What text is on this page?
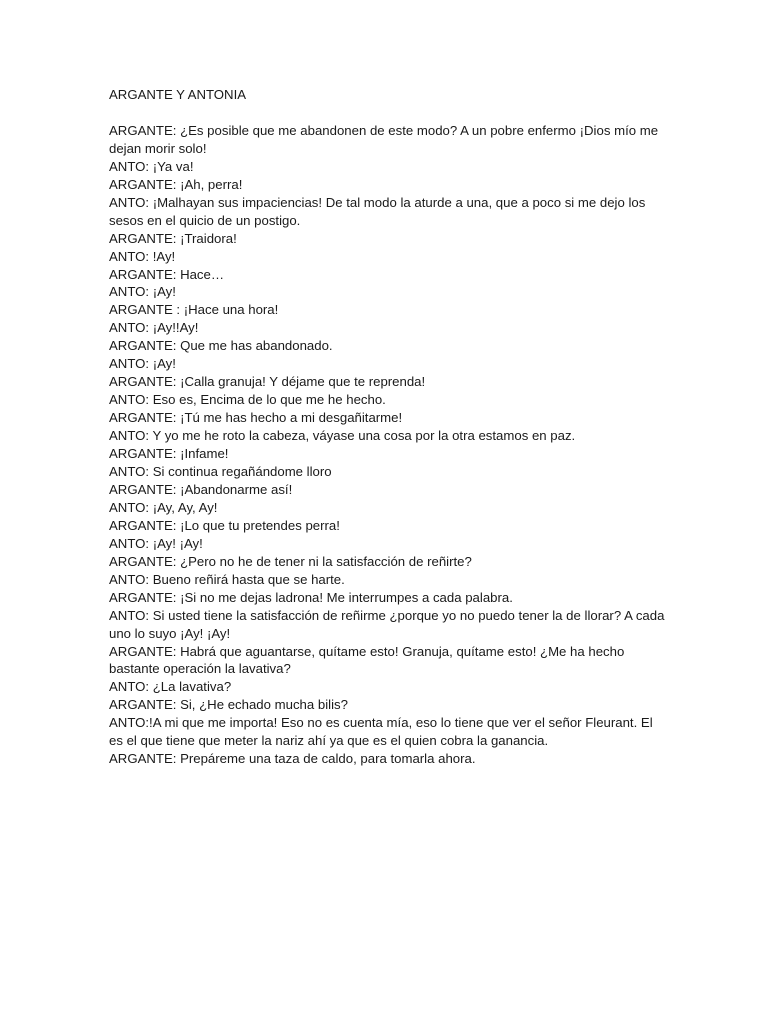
ARGANTE Y ANTONIA

ARGANTE: ¿Es posible que me abandonen de este modo? A un pobre enfermo ¡Dios mío me dejan morir solo!

ANTO: ¡Ya va!

ARGANTE: ¡Ah, perra!

ANTO: ¡Malhayan sus impaciencias! De tal modo la aturde a una, que a poco si me dejo los sesos en el quicio de un postigo.

ARGANTE: ¡Traidora!

ANTO: !Ay!

ARGANTE: Hace…

ANTO: ¡Ay!

ARGANTE : ¡Hace una hora!

ANTO: ¡Ay!!Ay!

ARGANTE: Que me has abandonado.

ANTO: ¡Ay!

ARGANTE: ¡Calla granuja! Y déjame que te reprenda!

ANTO: Eso es, Encima de lo que me he hecho.

ARGANTE: ¡Tú me has hecho a mi desgañitarme!

ANTO: Y yo me he roto la cabeza, váyase una cosa por la otra estamos en paz.

ARGANTE: ¡Infame!

ANTO: Si continua regañándome lloro

ARGANTE: ¡Abandonarme así!

ANTO: ¡Ay, Ay, Ay!

ARGANTE: ¡Lo que tu pretendes perra!

ANTO: ¡Ay! ¡Ay!

ARGANTE: ¿Pero no he de tener ni la satisfacción de reñirte?

ANTO: Bueno reñirá hasta que se harte.

ARGANTE: ¡Si no me dejas ladrona! Me interrumpes a cada palabra.

ANTO: Si usted tiene la satisfacción de reñirme ¿porque yo no puedo tener la de llorar? A cada uno lo suyo ¡Ay! ¡Ay!

ARGANTE: Habrá que aguantarse, quítame esto! Granuja, quítame esto! ¿Me ha hecho bastante operación la lavativa?

ANTO: ¿La lavativa?

ARGANTE: Si, ¿He echado mucha bilis?

ANTO:!A mi que me importa! Eso no es cuenta mía, eso lo tiene que ver el señor Fleurant. El es el que tiene que meter la nariz ahí ya que es el quien cobra la ganancia.

ARGANTE: Prepáreme una taza de caldo, para tomarla ahora.
